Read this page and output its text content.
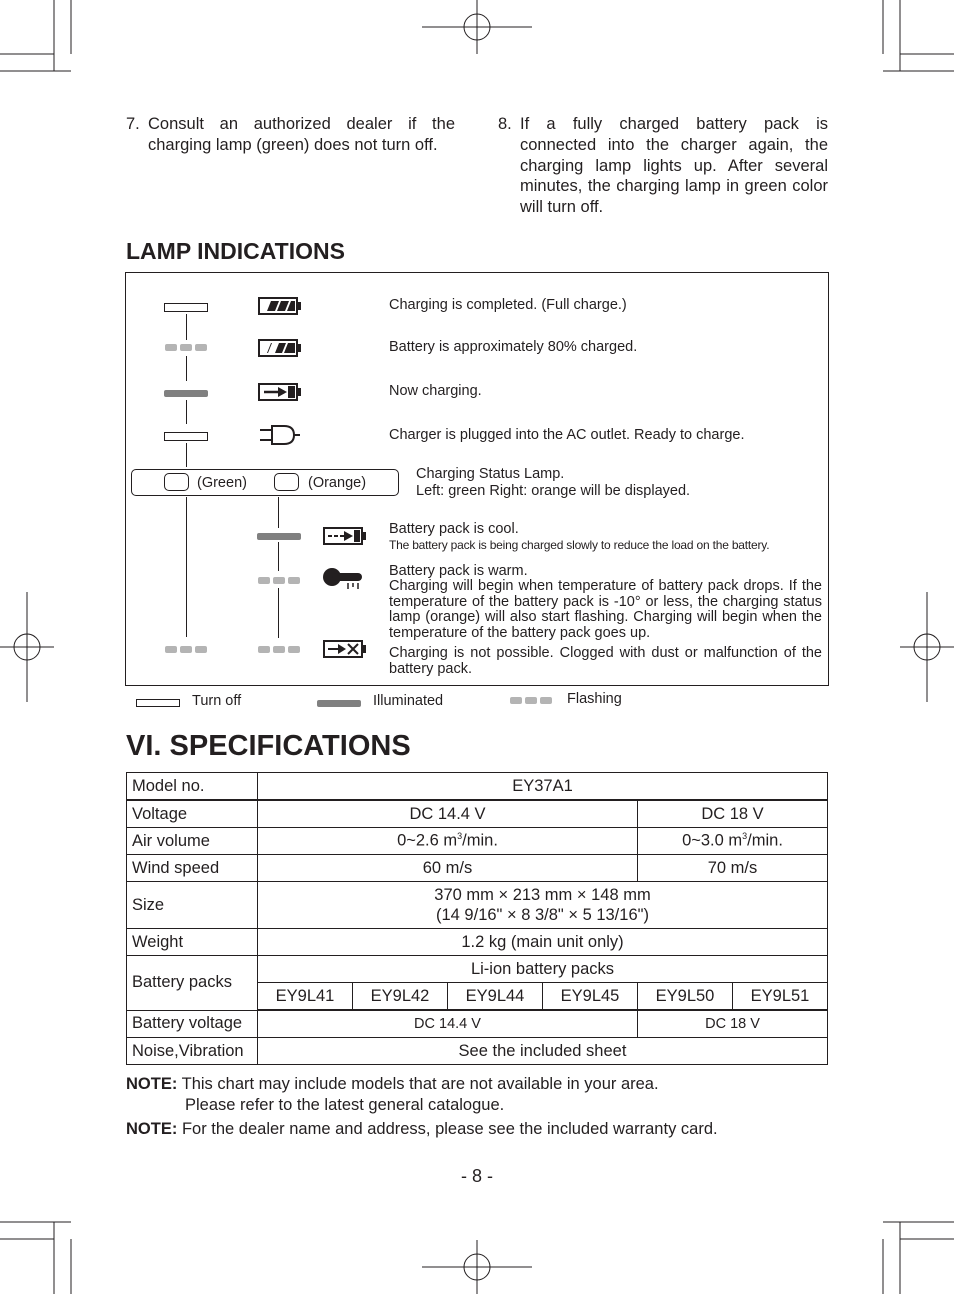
7. Consult an authorized dealer if the charging lamp (green) does not turn off.
8. If a fully charged battery pack is connected into the charger again, the charging lamp lights up. After several minutes, the charging lamp in green color will turn off.
LAMP INDICATIONS
Charging is completed. (Full charge.)
Battery is approximately 80% charged.
Now charging.
Charger is plugged into the AC outlet. Ready to charge.
(Green)	(Orange)
Charging Status Lamp.
Left: green Right: orange will be displayed.
Battery pack is cool.
The battery pack is being charged slowly to reduce the load on the battery.
Battery pack is warm.
Charging will begin when temperature of battery pack drops. If the temperature of the battery pack is -10° or less, the charging status lamp (orange) will also start flashing. Charging will begin when the temperature of the battery pack goes up.
Charging is not possible. Clogged with dust or malfunction of the battery pack.
Turn off	Illuminated	Flashing
VI. SPECIFICATIONS
Model no.	EY37A1					
Voltage	DC 14.4 V				DC 18 V	
Air volume	0~2.6 $m^3/\min$.				0~3.0 $m^3/\min$.	
Wind speed	60 m/s				70 m/s	
Size	370 mm × 213 mm × 148 mm
(14 9/16" × 8 3/8" × 5 13/16")					

Weight	1.2 kg (main unit only)					
Battery packs	Li-ion battery packs					
	EY9L41	EY9L42	EY9L44	EY9L45	EY9L50	EY9L51
Battery voltage	DC 14.4 V				DC 18 V	
Noise,Vibration	See the included sheet					
NOTE: This chart may include models that are not available in your area.
Please refer to the latest general catalogue.
NOTE: For the dealer name and address, please see the included warranty card.
- 8 -
